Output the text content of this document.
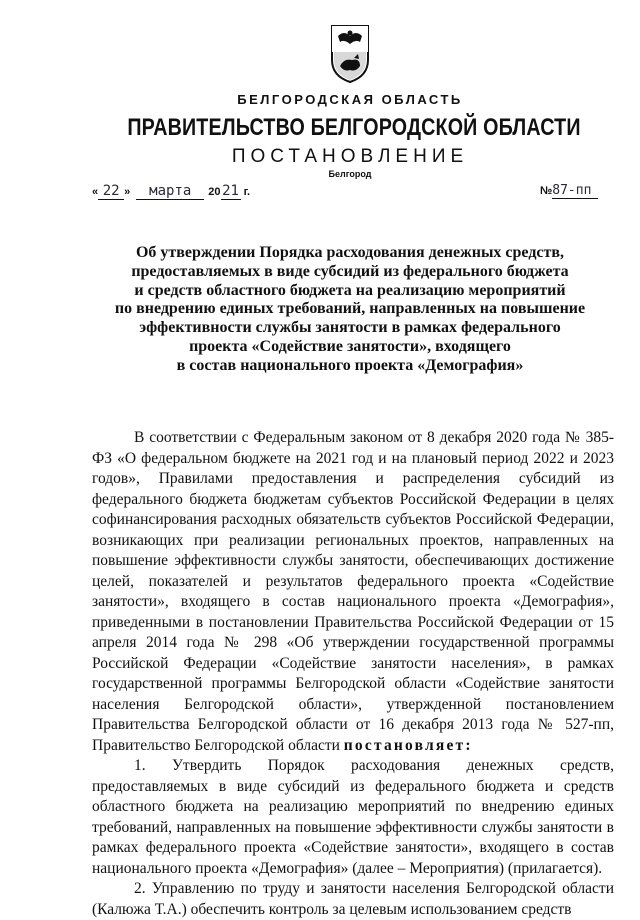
БЕЛГОРОДСКАЯ ОБЛАСТЬ
ПРАВИТЕЛЬСТВО БЕЛГОРОДСКОЙ ОБЛАСТИ
ПОСТАНОВЛЕНИЕ
Белгород
« 22 » марта 20 21 г.	№87-пп
Об утверждении Порядка расходования денежных средств,
предоставляемых в виде субсидий из федерального бюджета
и средств областного бюджета на реализацию мероприятий
по внедрению единых требований, направленных на повышение
эффективности службы занятости в рамках федерального
проекта «Содействие занятости», входящего
в состав национального проекта «Демография»

В соответствии с Федеральным законом от 8 декабря 2020 года № 385-ФЗ «О федеральном бюджете на 2021 год и на плановый период 2022 и 2023 годов», Правилами предоставления и распределения субсидий из федерального бюджета бюджетам субъектов Российской Федерации в целях софинансирования расходных обязательств субъектов Российской Федерации, возникающих при реализации региональных проектов, направленных на повышение эффективности службы занятости, обеспечивающих достижение целей, показателей и результатов федерального проекта «Содействие занятости», входящего в состав национального проекта «Демография», приведенными в постановлении Правительства Российской Федерации от 15 апреля 2014 года № 298 «Об утверждении государственной программы Российской Федерации «Содействие занятости населения», в рамках государственной программы Белгородской области «Содействие занятости населения Белгородской области», утвержденной постановлением Правительства Белгородской области от 16 декабря 2013 года № 527-пп, Правительство Белгородской области постановляет:

1. Утвердить Порядок расходования денежных средств, предоставляемых в виде субсидий из федерального бюджета и средств областного бюджета на реализацию мероприятий по внедрению единых требований, направленных на повышение эффективности службы занятости в рамках федерального проекта «Содействие занятости», входящего в состав национального проекта «Демография» (далее – Мероприятия) (прилагается).

2. Управлению по труду и занятости населения Белгородской области (Калюжа Т.А.) обеспечить контроль за целевым использованием средств
